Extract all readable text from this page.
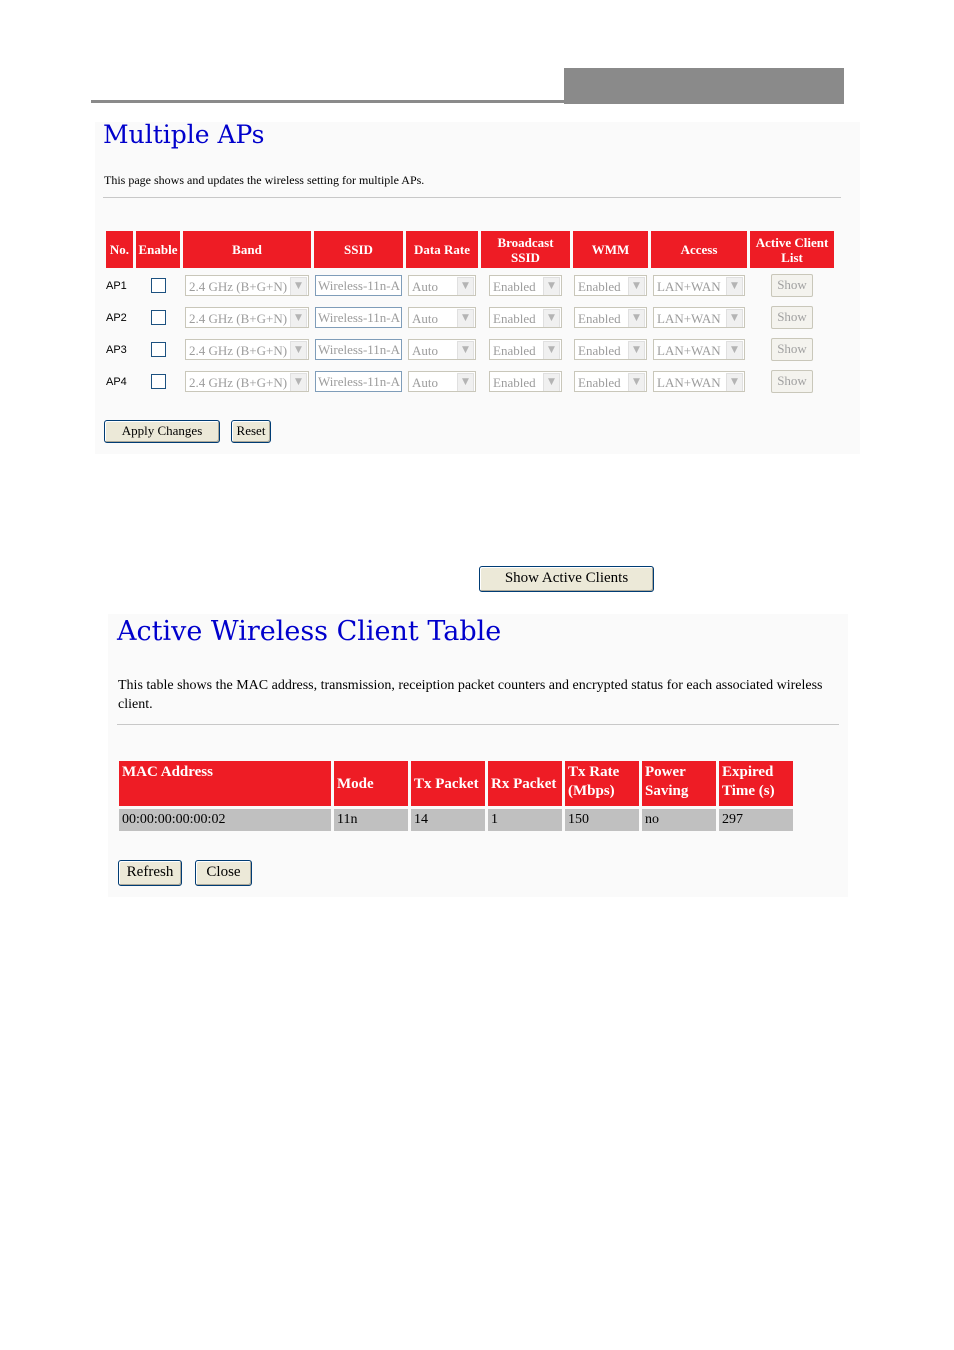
Multiple APs
This page shows and updates the wireless setting for multiple APs.
No.	Enable	Band	SSID	Data Rate	Broadcast SSID	WMM	Access	Active Client List
AP1		2.4 GHz (B+G+N) ▼	Wireless-11n-A	Auto ▼	Enabled ▼	Enabled ▼	LAN+WAN ▼	Show

AP2		2.4 GHz (B+G+N) ▼	Wireless-11n-A	Auto ▼	Enabled ▼	Enabled ▼	LAN+WAN ▼	Show

AP3		2.4 GHz (B+G+N) ▼	Wireless-11n-A	Auto ▼	Enabled ▼	Enabled ▼	LAN+WAN ▼	Show

AP4		2.4 GHz (B+G+N) ▼	Wireless-11n-A	Auto ▼	Enabled ▼	Enabled ▼	LAN+WAN ▼	Show
Apply Changes	Reset
Show Active Clients
Active Wireless Client Table
This table shows the MAC address, transmission, receiption packet counters and encrypted status for each associated wireless client.
MAC Address	Mode	Tx Packet	Rx Packet	Tx Rate (Mbps)	Power Saving	Expired Time (s)
00:00:00:00:00:02	11n	14	1	150	no	297
Refresh	Close
